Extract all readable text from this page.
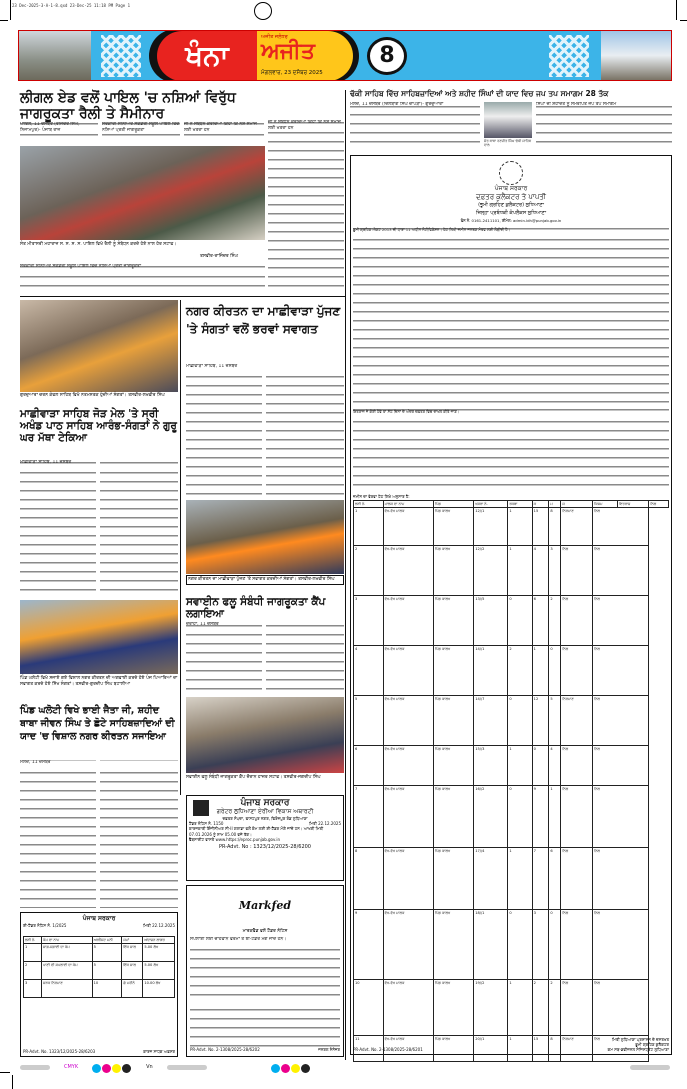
23 Dec-2025-3-A-1-8.qxd 23-Dec-25 11:18 PM Page 1
ਖੰਨਾ
ਅਜੀਤ ਜਲੰਧਰ
ਅਜੀਤ
ਮੰਗਲਵਾਰ, 23 ਦਸੰਬਰ 2025
8
ਲੀਗਲ ਏਡ ਵਲੋਂ ਪਾਇਲ 'ਚ ਨਸ਼ਿਆਂ ਵਿਰੁੱਧ ਜਾਗਰੂਕਤਾ ਰੈਲੀ ਤੇ ਸੈਮੀਨਾਰ
ਪਾਇਲ, 11 ਦਸੰਬਰ (ਰਜਿੰਦਰ ਸਿੰਘ, ਨਿਜਾਮਪੁਰ)- ਪੰਜਾਬ ਰਾਜ
ਸਰਕਾਰੀ ਸੀਨੀਅਰ ਸੈਕੰਡਰੀ ਸਕੂਲ ਪਾਇਲ ਵਿਚ ਨਸ਼ਿਆਂ ਪ੍ਰਤੀ ਜਾਗਰੂਕਤਾ
ਜੀ ਨੇ ਸੰਬੋਧਨ ਕਰਦਿਆਂ ਕਿਹਾ ਕਿ ਨਸ਼ੇ ਸਮਾਜ ਲਈ ਖਤਰਾ ਹਨ
ਸੰਤ ਮੀਤਾਸਰੀ ਮਹਾਰਾਜ ਸ. ਸ. ਸ. ਸ. ਪਾਇਲ ਵਿਖੇ ਰੈਲੀ ਨੂੰ ਸੰਬੋਧਨ ਕਰਦੇ ਹੋਏ ਨਾਲ ਹੋਰ ਸਟਾਫ।
ਤਸਵੀਰ-ਰਾਜਿੰਦਰ ਸਿੰਘ
ਸਰਕਾਰੀ ਸੀਨੀਅਰ ਸੈਕੰਡਰੀ ਸਕੂਲ ਪਾਇਲ ਵਿਚ ਨਸ਼ਿਆਂ ਪ੍ਰਤੀ ਜਾਗਰੂਕਤਾ
ਜੀ ਨੇ ਸੰਬੋਧਨ ਕਰਦਿਆਂ ਕਿਹਾ ਕਿ ਨਸ਼ੇ ਸਮਾਜ ਲਈ ਖਤਰਾ ਹਨ
ਗੁਰਦੁਆਰਾ ਚਰਨ ਕੰਵਲ ਸਾਹਿਬ ਵਿਖੇ ਨਤਮਸਤਕ ਹੁੰਦੀਆਂ ਸੰਗਤਾਂ। ਤਸਵੀਰ-ਲਖਵੀਰ ਸਿੰਘ
ਮਾਛੀਵਾੜਾ ਸਾਹਿਬ ਜੋੜ ਮੇਲ 'ਤੇ ਸ੍ਰੀ ਅਖੰਡ ਪਾਠ ਸਾਹਿਬ ਆਰੰਭ-ਸੰਗਤਾਂ ਨੇ ਗੁਰੂ ਘਰ ਮੱਥਾ ਟੇਕਿਆ
ਮਾਛੀਵਾੜਾ ਸਾਹਿਬ, 11 ਦਸੰਬਰ
ਨਗਰ ਕੀਰਤਨ ਦਾ ਮਾਛੀਵਾੜਾ ਪੁੱਜਣ 'ਤੇ ਸੰਗਤਾਂ ਵਲੋਂ ਭਰਵਾਂ ਸਵਾਗਤ
ਮਾਛੀਵਾੜਾ ਸਾਹਿਬ, 11 ਦਸੰਬਰ
ਨਗਰ ਕੀਰਤਨ ਦਾ ਮਾਛੀਵਾੜਾ ਪੁੱਜਣ 'ਤੇ ਸਵਾਗਤ ਕਰਦੀਆਂ ਸੰਗਤਾਂ। ਤਸਵੀਰ-ਲਖਵੀਰ ਸਿੰਘ
ਸਵਾਈਨ ਫਲੂ ਸੰਬੰਧੀ ਜਾਗਰੂਕਤਾ ਕੈਂਪ ਲਗਾਇਆ
ਦੋਰਾਹਾ, 11 ਦਸੰਬਰ
ਸਵਾਈਨ ਫਲੂ ਸੰਬੰਧੀ ਜਾਗਰੂਕਤਾ ਕੈਂਪ ਦੌਰਾਨ ਹਾਜ਼ਰ ਸਟਾਫ। ਤਸਵੀਰ-ਜਗਦੀਪ ਸਿੰਘ
ਪਿੰਡ ਘਲੋਟੀ ਵਿਖੇ ਸਜਾਏ ਗਏ ਵਿਸ਼ਾਲ ਨਗਰ ਕੀਰਤਨ ਦੀ ਅਗਵਾਈ ਕਰਦੇ ਹੋਏ ਪੰਜ ਪਿਆਰਿਆਂ ਦਾ ਸਵਾਗਤ ਕਰਦੇ ਹੋਏ ਸਿੱਖ ਸੰਗਤਾਂ। ਤਸਵੀਰ-ਗੁਰਦੀਪ ਸਿੰਘ ਬਟਾਲੀਆ
ਪਿੰਡ ਘਲੋਟੀ ਵਿਖੇ ਭਾਈ ਜੈਤਾ ਜੀ, ਸ਼ਹੀਦ ਬਾਬਾ ਜੀਵਨ ਸਿੰਘ ਤੇ ਛੋਟੇ ਸਾਹਿਬਜ਼ਾਦਿਆਂ ਦੀ ਯਾਦ 'ਚ ਵਿਸ਼ਾਲ ਨਗਰ ਕੀਰਤਨ ਸਜਾਇਆ
ਮਲੌਦ, 11 ਦਸੰਬਰ
ਪੰਜਾਬ ਸਰਕਾਰ
ਗਰੇਟਰ ਲੁਧਿਆਣਾ ਏਰੀਆ ਵਿਕਾਸ ਅਥਾਰਟੀ
ਦਫ਼ਤਰ ਸੰਪਦਾ, ਫਾਸਟਪੁਰ ਨਗਰ, ਫਿਰੋਜ਼ਪੁਰ ਰੋਡ ਲੁਧਿਆਣਾ
ਟੈਂਡਰ ਨੋਟਿਸ ਨੰ. 1150	ਮਿਤੀ 22.12.2025
ਕਾਰਜਕਾਰੀ ਇੰਜੀਨੀਅਰ ਸੀ-II ਗਲਾਡਾ ਵਲੋਂ ਕੰਮ ਲਈ ਈ-ਟੈਂਡਰ ਮੰਗੇ ਜਾਂਦੇ ਹਨ। ਆਖਰੀ ਮਿਤੀ 07.01.2026 ਨੂੰ ਸ਼ਾਮ 05.00 ਵਜੇ ਤੱਕ।
ਵੈੱਬਸਾਈਟ ਵਾਸਤੇ www.https://eproc.punjab.gov.in
PR-Advt. No : 1323/12/2025-28/6200
Markfed
ਮਾਰਕਫੈੱਡ ਵਲੋਂ ਟੈਂਡਰ ਨੋਟਿਸ
ਸਪਲਾਈ ਲਈ ਚਾਹਵਾਨ ਫਰਮਾਂ ਤੋਂ ਈ-ਟੈਂਡਰ ਮੰਗੇ ਜਾਂਦੇ ਹਨ।
PR-Advt. No. 2-1308/2025-28/6202	ਜਨਰਲ ਮੈਨੇਜਰ
ਪੰਜਾਬ ਸਰਕਾਰ
ਈ-ਟੈਂਡਰ ਨੋਟਿਸ ਨੰ. 1/2025	ਮਿਤੀ 22.12.2025
ਲੜੀ ਨੰ.	ਕੰਮ ਦਾ ਨਾਮ	ਅਰਨੈਸਟ ਮਨੀ	ਸਮਾਂ	ਅੰਦਾਜ਼ਨ ਲਾਗਤ
1	ਸਾਫ਼-ਸਫ਼ਾਈ ਦਾ ਕੰਮ	5	ਇੱਕ ਸਾਲ	5.00 ਲੱਖ
2	ਪਾਣੀ ਦੀ ਸਪਲਾਈ ਦਾ ਕੰਮ	5	ਇੱਕ ਸਾਲ	5.00 ਲੱਖ
3	ਸੜਕ ਨਿਰਮਾਣ	10	ਛੇ ਮਹੀਨੇ	10.00 ਲੱਖ
PR-Advt. No. 1323/12/2025-28/6203	ਕਾਰਜ ਸਾਧਕ ਅਫ਼ਸਰ
ਢੱਕੀ ਸਾਹਿਬ ਵਿੱਚ ਸਾਹਿਬਜ਼ਾਦਿਆਂ ਅਤੇ ਸ਼ਹੀਦ ਸਿੰਘਾਂ ਦੀ ਯਾਦ ਵਿਚ ਜਪ ਤਪ ਸਮਾਗਮ 28 ਤੱਕ
ਮਲੌਦ, 11 ਦਸੰਬਰ (ਦਿਲਬਾਗ ਸਿੰਘ ਚਾਪੜਾ)- ਗੁਰਦੁਆਰਾ
ਸੰਤ ਬਾਬਾ ਰਣਜੀਤ ਸਿੰਘ ਢੱਕੀ ਸਾਹਿਬ ਵਾਲੇ
ਸਿੰਘਾਂ ਦੀ ਸ਼ਹਾਦਤ ਨੂੰ ਸਮਰਪਿਤ ਜਪ ਤਪ ਸਮਾਗਮ
ਪੰਜਾਬ ਸਰਕਾਰ
ਦਫ਼ਤਰ ਕੁਲੈਕਟਰ ਤੇ ਪਾਪਤੀ
(ਭੂਮੀ ਗ੍ਰਹਿਣ ਕੁਲੈਕਟਰ) ਲੁਧਿਆਣਾ
ਜ਼ਿਲ੍ਹਾ ਪ੍ਰਬੰਧਕੀ ਕੰਪਲੈਕਸ ਲੁਧਿਆਣਾ
ਫੋਨ ਨੰ. 0161-2411101, ਈਮੇਲ: admin.ldh@punjab.gov.in
ਭੂਮੀ ਗ੍ਰਹਿਣ ਐਕਟ 2013 ਦੀ ਧਾਰਾ 11 ਅਧੀਨ ਨੋਟੀਫਿਕੇਸ਼ਨ। ਹੇਠ ਲਿਖੀ ਜ਼ਮੀਨ ਜਨਤਕ ਮੰਤਵ ਲਈ ਲੋੜੀਂਦੀ ਹੈ।
ਇਤਰਾਜ਼ ਜੇ ਕੋਈ ਹੋਵੇ ਤਾਂ ਸੱਠ ਦਿਨਾਂ ਦੇ ਅੰਦਰ ਦਫ਼ਤਰ ਵਿਚ ਦਾਖਲ ਕੀਤੇ ਜਾਣ।
ਜ਼ਮੀਨ ਦਾ ਵੇਰਵਾ ਹੇਠ ਲਿਖੇ ਅਨੁਸਾਰ ਹੈ:
ਲੜੀ ਨੰ.	ਮਾਲਕ ਦਾ ਨਾਮ	ਪਿੰਡ	ਖਸਰਾ ਨੰ.	ਰਕਬਾ	ਕ	ਮ	ਸ	ਕਿਸਮ	ਇਤਰਾਜ਼	ਨਿਲ
1	ਵੱਖ-ਵੱਖ ਮਾਲਕ	ਪਿੰਡ ਕਾਲਖ	12//1	1	15	8	ਨਿਰਮਾਣ	ਨਿਲ		
2	ਵੱਖ-ਵੱਖ ਮਾਲਕ	ਪਿੰਡ ਕਾਲਖ	12//2	1	4	3	ਨਿਲ	ਨਿਲ		
3	ਵੱਖ-ਵੱਖ ਮਾਲਕ	ਪਿੰਡ ਕਾਲਖ	13//5	0	6	2	ਨਿਲ	ਨਿਲ		
4	ਵੱਖ-ਵੱਖ ਮਾਲਕ	ਪਿੰਡ ਕਾਲਖ	14//1	2	1	0	ਨਿਲ	ਨਿਲ		
5	ਵੱਖ-ਵੱਖ ਮਾਲਕ	ਪਿੰਡ ਕਾਲਖ	14//7	0	12	5	ਨਿਰਮਾਣ	ਨਿਲ		
6	ਵੱਖ-ਵੱਖ ਮਾਲਕ	ਪਿੰਡ ਕਾਲਖ	15//3	1	0	4	ਨਿਲ	ਨਿਲ		
7	ਵੱਖ-ਵੱਖ ਮਾਲਕ	ਪਿੰਡ ਕਾਲਖ	16//2	0	9	1	ਨਿਲ	ਨਿਲ		
8	ਵੱਖ-ਵੱਖ ਮਾਲਕ	ਪਿੰਡ ਕਾਲਖ	17//4	1	7	6	ਨਿਲ	ਨਿਲ		
9	ਵੱਖ-ਵੱਖ ਮਾਲਕ	ਪਿੰਡ ਕਾਲਖ	18//1	0	3	0	ਨਿਲ	ਨਿਲ		
10	ਵੱਖ-ਵੱਖ ਮਾਲਕ	ਪਿੰਡ ਕਾਲਖ	19//2	1	2	2	ਨਿਲ	ਨਿਲ		
11	ਵੱਖ-ਵੱਖ ਮਾਲਕ	ਪਿੰਡ ਕਾਲਖ	20//1	1	15	8	ਨਿਰਮਾਣ	ਨਿਲ		
PR-Advt. No. 2-1308/2025-28/6201
ਮਿਤੀ ਲੁਧਿਆਣਾ ਪ੍ਰਸ਼ਾਸਨ ਦੇ ਦਸਤਖਤ
ਭੂਮੀ ਗ੍ਰਹਿਣ ਕੁਲੈਕਟਰ
ਕਮ ਸਬ-ਡਵੀਜ਼ਨਲ ਮੈਜਿਸਟ੍ਰੇਟ ਲੁਧਿਆਣਾ
CMYK	Vn
